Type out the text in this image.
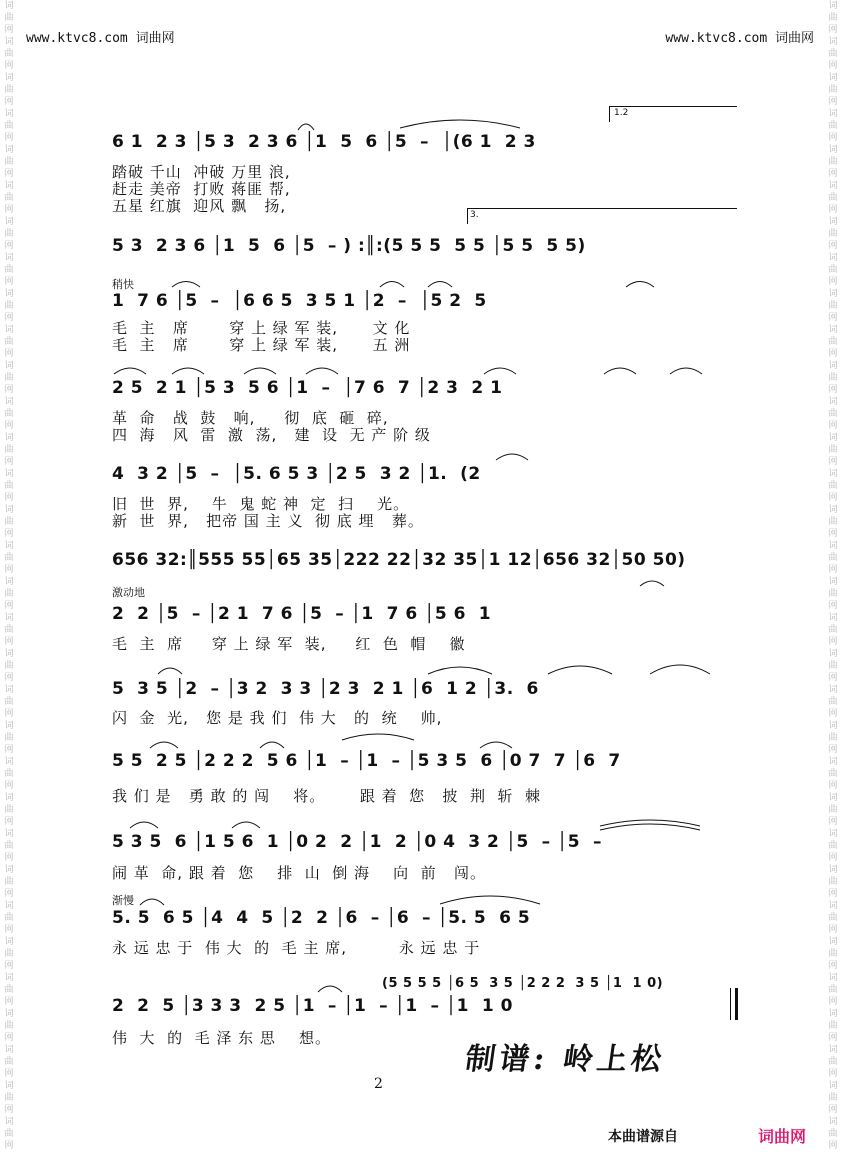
词
曲
网
词
曲
网
词
曲
网
词
曲
网
词
曲
网
词
曲
网
词
曲
网
词
曲
网
词
曲
网
词
曲
网
词
曲
网
词
曲
网
词
曲
网
词
曲
网
词
曲
网
词
曲
网
词
曲
网
词
曲
网
词
曲
网
词
曲
网
词
曲
网
词
曲
网
词
曲
网
词
曲
网
词
曲
网
词
曲
网
词
曲
网
词
曲
网
词
曲
网
词
曲
网
词
曲
网
词
曲
网
词
曲
网
词
曲
网
词
曲
网
词
曲
网
词
曲
网
词
曲
网
词
曲
网
词
曲
网
词
曲
网
词
曲
网
词
曲
网
词
曲
网
词
曲
网
词
曲
网
词
曲
网
词
曲
网
词
曲
网
词
曲
网
词
曲
网
词
曲
网
词
曲
网
词
曲
网
词
曲
网
词
曲
网
词
曲
网
词
曲
网
词
曲
网
词
曲
网
词
曲
网
词
曲
网
词
曲
网
词
曲
网
www.ktvc8.com 词曲网	www.ktvc8.com 词曲网
1.2
3.
6 1  2 3 │5 3  2 3 6 │1  5  6 │5  –  │(6 1  2 3
踏破 千山  冲破 万里 浪,
赶走 美帝  打败 蒋匪 帮,
五星 红旗  迎风 飘   扬,
5 3  2 3 6 │1  5  6 │5  – ) :║:(5 5 5  5 5 │5 5  5 5)
稍快
1  7 6 │5  –  │6 6 5  3 5 1 │2  –  │5 2  5
毛  主   席       穿 上 绿 军 装,      文 化
毛  主   席       穿 上 绿 军 装,      五 洲
2 5  2 1 │5 3  5 6 │1  –  │7 6  7 │2 3  2 1
革  命   战  鼓   响,     彻  底  砸  碎,
四  海   风  雷  激  荡,   建  设  无 产 阶 级
4  3 2 │5  –  │5. 6 5 3 │2 5  3 2 │1.  (2
旧  世  界,    牛  鬼 蛇 神  定  扫    光。
新  世  界,   把帝 国 主 义  彻 底 埋   葬。
656 32:║555 55│65 35│222 22│32 35│1 12│656 32│50 50)
激动地
2  2 │5  – │2 1  7 6 │5  – │1  7 6 │5 6  1
毛  主  席     穿 上 绿 军  装,     红  色  帽    徽
5  3 5 │2  – │3 2  3 3 │2 3  2 1 │6  1 2 │3.  6
闪  金  光,   您 是 我 们  伟 大   的  统    帅,
5 5  2 5 │2 2 2  5 6 │1  – │1  – │5 3 5  6 │0 7  7 │6  7
我 们 是   勇 敢 的 闯    将。      跟 着  您   披  荆  斩  棘
5 3 5  6 │1 5 6  1 │0 2  2 │1  2 │0 4  3 2 │5  – │5  –
闹 革  命, 跟 着  您    排  山  倒 海    向  前   闯。
渐慢
5. 5  6 5 │4  4  5 │2  2 │6  – │6  – │5. 5  6 5
永 远 忠 于  伟 大  的  毛 主 席,         永 远 忠 于
2  2  5 │3 3 3  2 5 │1  – │1  – │1  – │1  1 0
(5 5 5 5 │6 5  3 5 │2 2 2  3 5 │1  1 0)
伟  大  的  毛 泽 东 思    想。
制谱: 岭上松
2
本曲谱源自	词曲网
